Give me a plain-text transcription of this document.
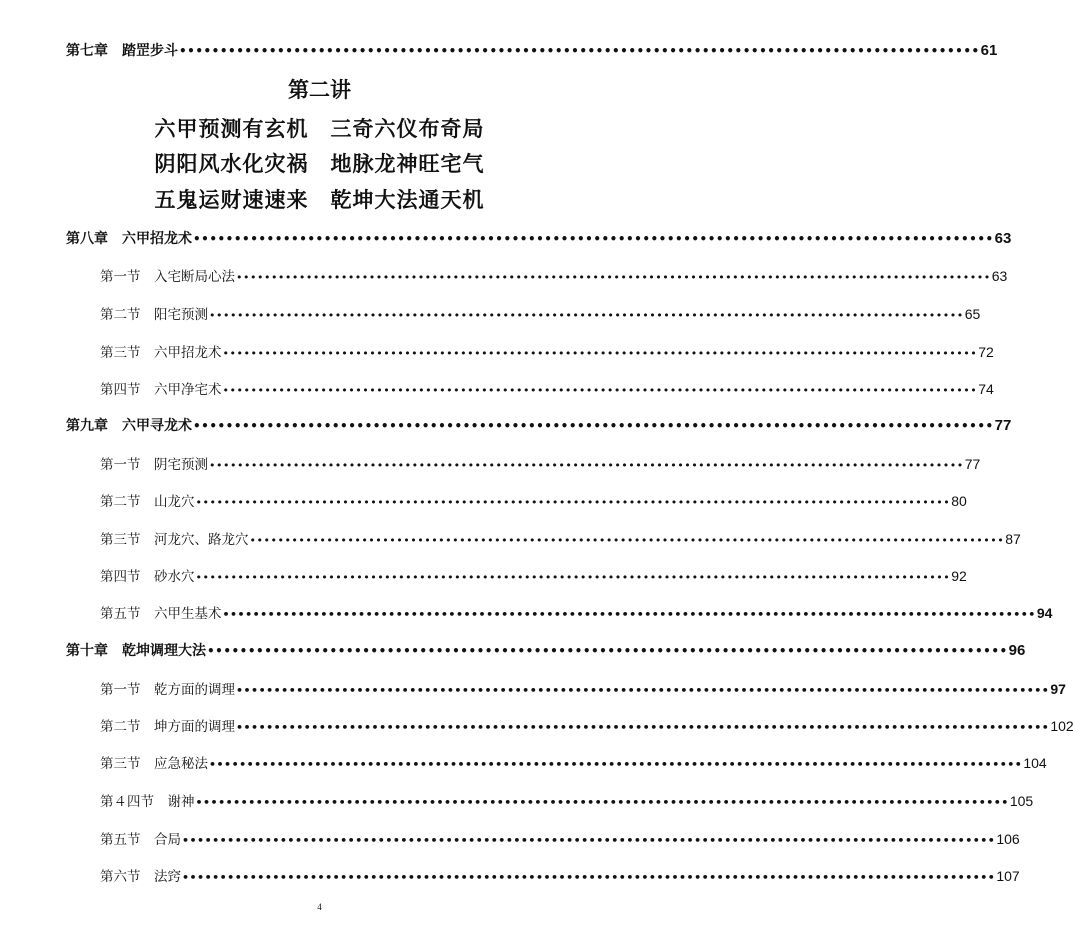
第七章　踏罡步斗 •••••••••••••••••••••••••••••••••••••••••••••••••••••••••••••••••••••••••••••••••••••••••••••••••• 61
第二讲
六甲预测有玄机　三奇六仪布奇局
阴阳风水化灾祸　地脉龙神旺宅气
五鬼运财速速来　乾坤大法通天机
第八章　六甲招龙术 •••••••••••••••••••••••••••••••••••••••••••••••••••••••••••••••••••••••••••••••••••••••••••••••••• 63
第一节　入宅断局心法 •••••••••••••••••••••••••••••••••••••••••••••••••••••••••••••••••••••••••••••••••••••••••••••••••••••••••••• 63
第二节　阳宅预测 •••••••••••••••••••••••••••••••••••••••••••••••••••••••••••••••••••••••••••••••••••••••••••••••••••••••••••• 65
第三节　六甲招龙术 •••••••••••••••••••••••••••••••••••••••••••••••••••••••••••••••••••••••••••••••••••••••••••••••••••••••••••• 72
第四节　六甲净宅术 •••••••••••••••••••••••••••••••••••••••••••••••••••••••••••••••••••••••••••••••••••••••••••••••••••••••••••• 74
第九章　六甲寻龙术 •••••••••••••••••••••••••••••••••••••••••••••••••••••••••••••••••••••••••••••••••••••••••••••••••• 77
第一节　阴宅预测 •••••••••••••••••••••••••••••••••••••••••••••••••••••••••••••••••••••••••••••••••••••••••••••••••••••••••••• 77
第二节　山龙穴 •••••••••••••••••••••••••••••••••••••••••••••••••••••••••••••••••••••••••••••••••••••••••••••••••••••••••••• 80
第三节　河龙穴、路龙穴 •••••••••••••••••••••••••••••••••••••••••••••••••••••••••••••••••••••••••••••••••••••••••••••••••••••••••••• 87
第四节　砂水穴 •••••••••••••••••••••••••••••••••••••••••••••••••••••••••••••••••••••••••••••••••••••••••••••••••••••••••••• 92
第五节　六甲生基术 •••••••••••••••••••••••••••••••••••••••••••••••••••••••••••••••••••••••••••••••••••••••••••••••••••••••••••• 94
第十章　乾坤调理大法 •••••••••••••••••••••••••••••••••••••••••••••••••••••••••••••••••••••••••••••••••••••••••••••••••• 96
第一节　乾方面的调理 •••••••••••••••••••••••••••••••••••••••••••••••••••••••••••••••••••••••••••••••••••••••••••••••••••••••••••• 97
第二节　坤方面的调理 •••••••••••••••••••••••••••••••••••••••••••••••••••••••••••••••••••••••••••••••••••••••••••••••••••••••••••• 102
第三节　应急秘法 •••••••••••••••••••••••••••••••••••••••••••••••••••••••••••••••••••••••••••••••••••••••••••••••••••••••••••• 104
第４四节　谢神 •••••••••••••••••••••••••••••••••••••••••••••••••••••••••••••••••••••••••••••••••••••••••••••••••••••••••••• 105
第五节　合局 •••••••••••••••••••••••••••••••••••••••••••••••••••••••••••••••••••••••••••••••••••••••••••••••••••••••••••• 106
第六节　法窍 •••••••••••••••••••••••••••••••••••••••••••••••••••••••••••••••••••••••••••••••••••••••••••••••••••••••••••• 107
4
